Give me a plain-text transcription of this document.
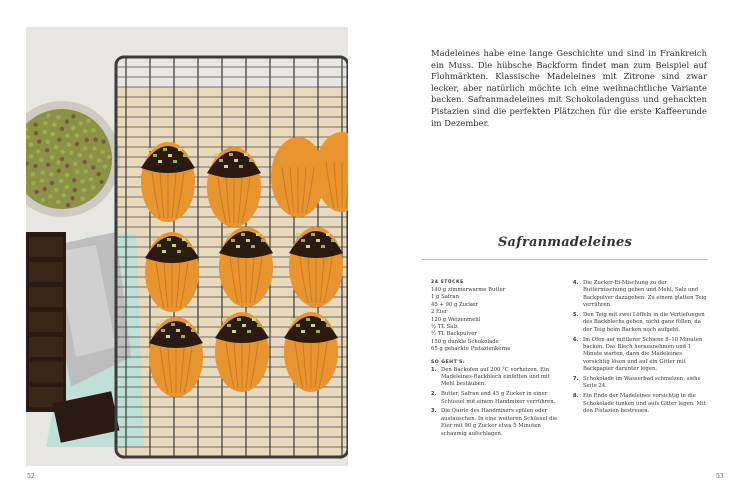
52	53

Madeleines habe eine lange Geschichte und sind in Frankreich ein Muss. Die hübsche Backform findet man zum Beispiel auf Flohmärkten. Klassische Madeleines mit Zitrone sind zwar lecker, aber natürlich möchte ich eine weihnachtliche Variante backen. Safranmadeleines mit Schokoladenguss und gehackten Pistazien sind die perfekten Plätzchen für die erste Kaffeerunde im Dezember.

Safranmadeleines
24 STÜCKE
140 g zimmerwarme Butter
1 g Safran
45 + 90 g Zucker
2 Eier
120 g Weizenmehl
½ TL Salz
½ TL Backpulver
150 g dunkle Schokolade
65 g gehackte Pistazienkerne
SO GEHT'S:
1. Den Backofen auf 200 °C vorheizen. Ein Madeleines-Backblech einfetten und mit Mehl bestäuben.
2. Butter, Safran und 45 g Zucker in einer Schüssel mit einem Handmixer verrühren.
3. Die Quirle des Handmixers spülen oder austauschen. In eine weiteren Schüssel die Eier mit 90 g Zucker etwa 5 Minuten schaumig aufschlagen.
4. Die Zucker-Ei-Mischung zu der Buttermischung geben und Mehl, Salz und Backpulver dazugeben. Zu einem glatten Teig verrühren.
5. Den Teig mit zwei Löffeln in die Vertiefungen des Backblechs geben, nicht ganz füllen, da der Teig beim Backen noch aufgeht.
6. Im Ofen auf mittlerer Schiene 8–10 Minuten backen. Das Blech herausnehmen und 1 Minute warten, dann die Madeleines vorsichtig lösen und auf ein Gitter mit Backpapier darunter legen.
7. Schokolade im Wasserbad schmelzen, siehe Seite 24.
8. Ein Ende der Madeleines vorsichtig in die Schokolade tunken und aufs Gitter legen. Mit den Pistazien bestreuen.
